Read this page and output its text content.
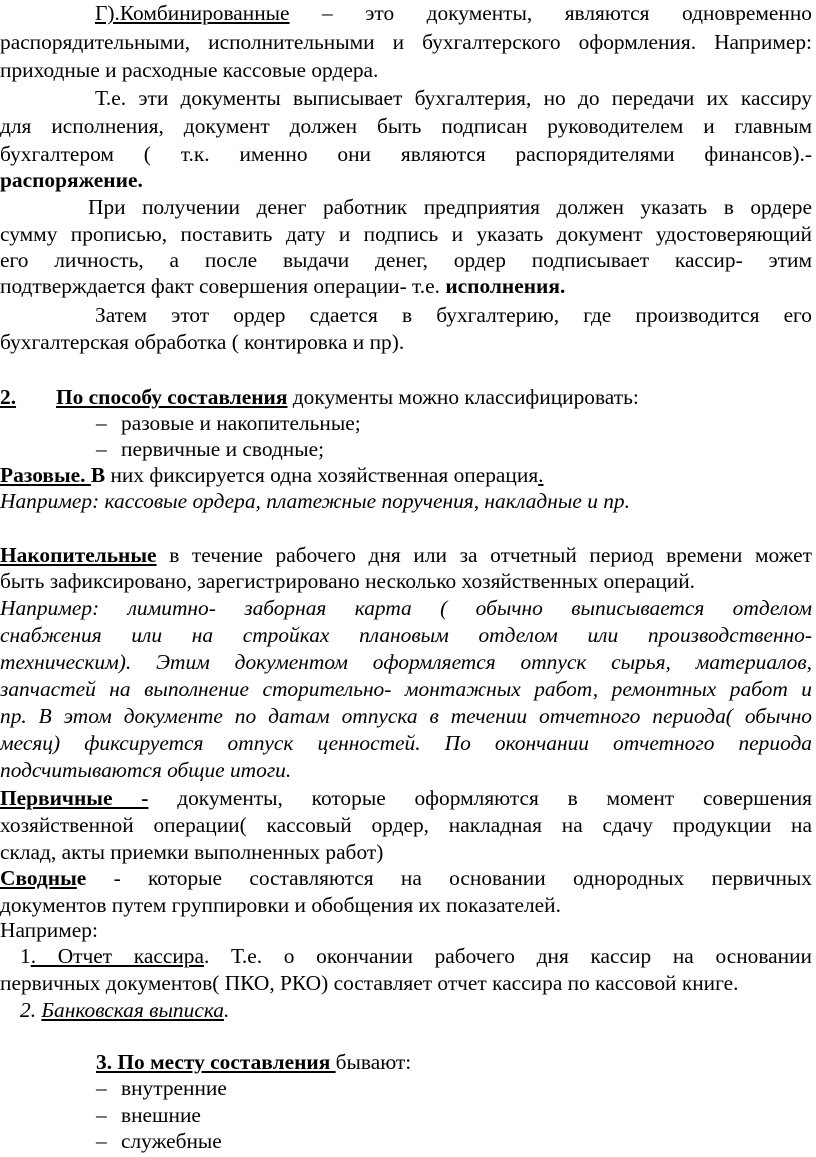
Г).Комбинированные – это документы, являются одновременно
распорядительными, исполнительными и бухгалтерского оформления. Например:
приходные и расходные кассовые ордера.
Т.е. эти документы выписывает бухгалтерия, но до передачи их кассиру
для исполнения, документ должен быть подписан руководителем и главным
бухгалтером ( т.к. именно они являются распорядителями финансов).-
распоряжение.
При получении денег работник предприятия должен указать в ордере
сумму прописью, поставить дату и подпись и указать документ удостоверяющий
его личность, а после выдачи денег, ордер подписывает кассир- этим
подтверждается факт совершения операции- т.е. исполнения.
Затем этот ордер сдается в бухгалтерию, где производится его
бухгалтерская обработка ( контировка и пр).
2. По способу составления документы можно классифицировать:
– разовые и накопительные;
– первичные и сводные;
Разовые. В них фиксируется одна хозяйственная операция.
Например: кассовые ордера, платежные поручения, накладные и пр.
Накопительные в течение рабочего дня или за отчетный период времени может
быть зафиксировано, зарегистрировано несколько хозяйственных операций.
Например: лимитно- заборная карта ( обычно выписывается отделом
снабжения или на стройках плановым отделом или производственно-
техническим). Этим документом оформляется отпуск сырья, материалов,
запчастей на выполнение сторительно- монтажных работ, ремонтных работ и
пр. В этом документе по датам отпуска в течении отчетного периода( обычно
месяц) фиксируется отпуск ценностей. По окончании отчетного периода
подсчитываются общие итоги.
Первичные - документы, которые оформляются в момент совершения
хозяйственной операции( кассовый ордер, накладная на сдачу продукции на
склад, акты приемки выполненных работ)
Сводные - которые составляются на основании однородных первичных
документов путем группировки и обобщения их показателей.
Например:
1. Отчет кассира. Т.е. о окончании рабочего дня кассир на основании
первичных документов( ПКО, РКО) составляет отчет кассира по кассовой книге.
2. Банковская выписка.
3. По месту составления бывают:
– внутренние
– внешние
– служебные
